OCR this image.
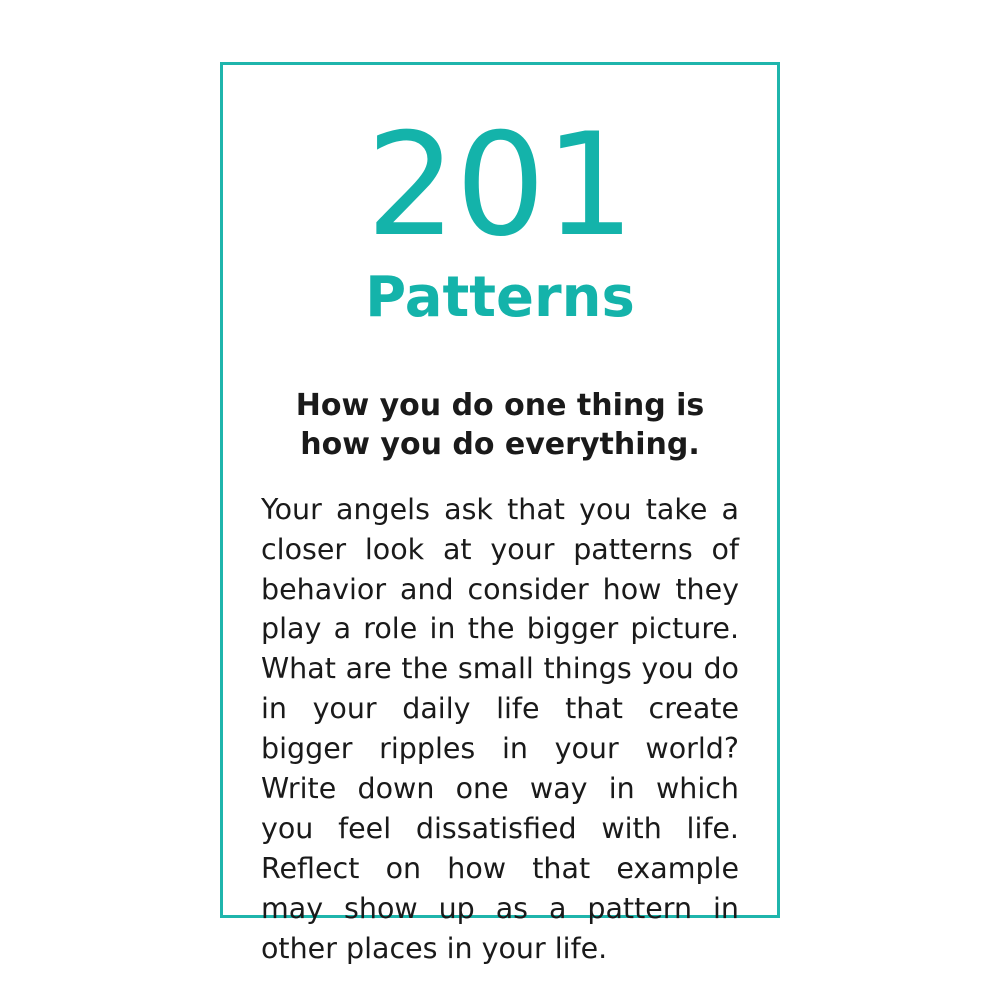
201
Patterns
How you do one thing is
how you do everything.
Your angels ask that you take a closer look at your patterns of behavior and consider how they play a role in the bigger picture. What are the small things you do in your daily life that create bigger ripples in your world? Write down one way in which you feel dissatisfied with life. Reflect on how that example may show up as a pattern in other places in your life.
